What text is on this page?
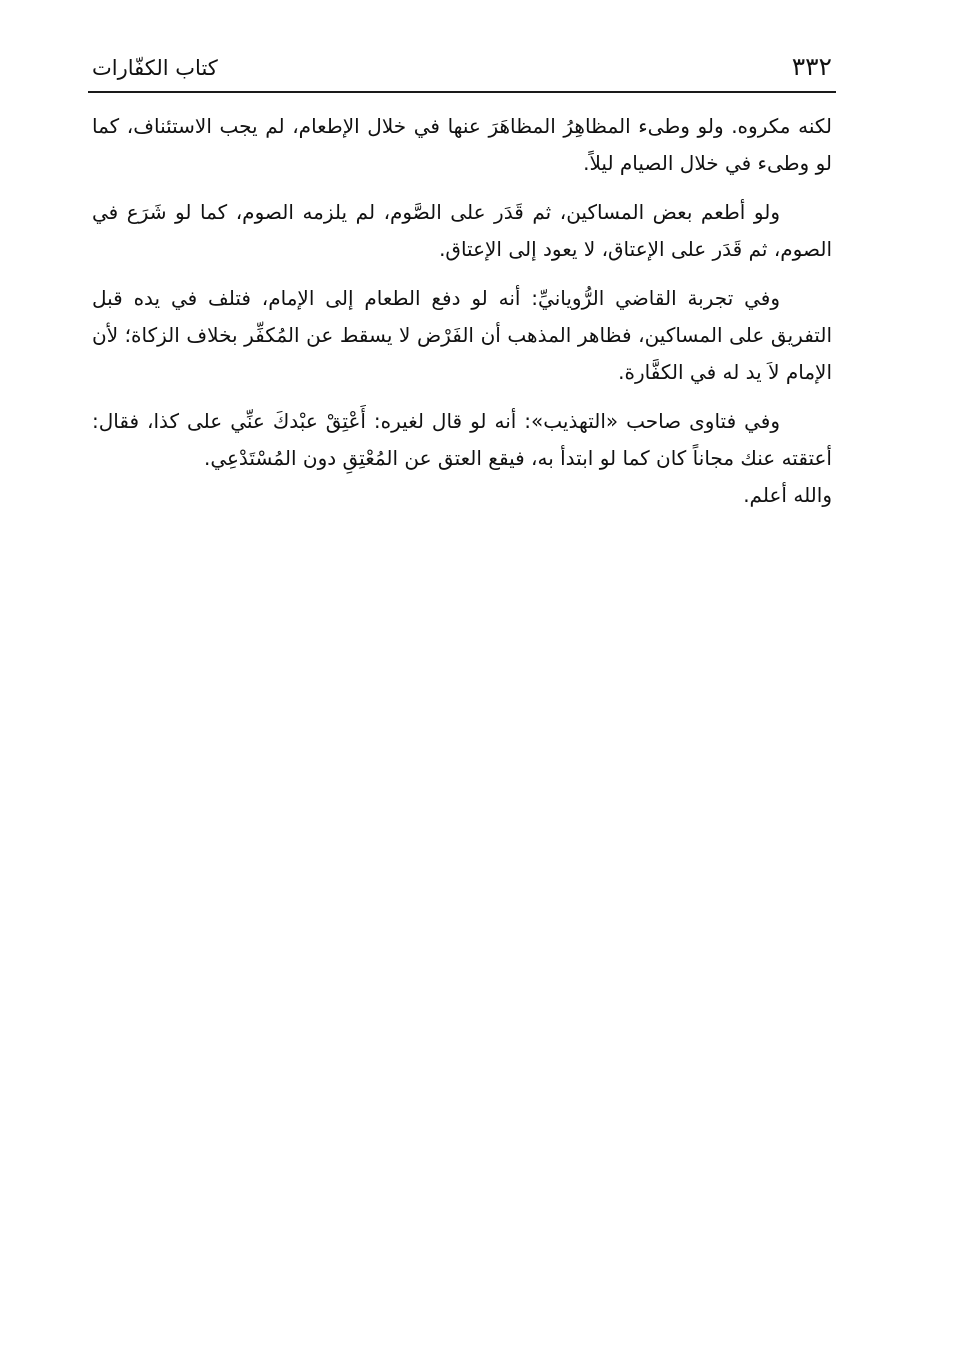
٣٣٢
كتاب الكفّارات

لكنه مكروه. ولو وطىء المظاهِرُ المظاهَرَ عنها في خلال الإطعام، لم يجب الاستئناف، كما لو وطىء في خلال الصيام ليلاً.

ولو أطعم بعض المساكين، ثم قَدَر على الصَّوم، لم يلزمه الصوم، كما لو شَرَع في الصوم، ثم قَدَر على الإعتاق، لا يعود إلى الإعتاق.

وفي تجربة القاضي الرُّويانيِّ: أنه لو دفع الطعام إلى الإمام، فتلف في يده قبل التفريق على المساكين، فظاهر المذهب أن الفَرْض لا يسقط عن المُكفِّر بخلاف الزكاة؛ لأن الإمام لاَ يد له في الكفَّارة.

وفي فتاوى صاحب «التهذيب»: أنه لو قال لغيره: أَعْتِقْ عبْدكَ عنِّي على كذا، فقال: أعتقته عنك مجاناً كان كما لو ابتدأ به، فيقع العتق عن المُعْتِقِ دون المُسْتَدْعِي.

والله أعلم.
